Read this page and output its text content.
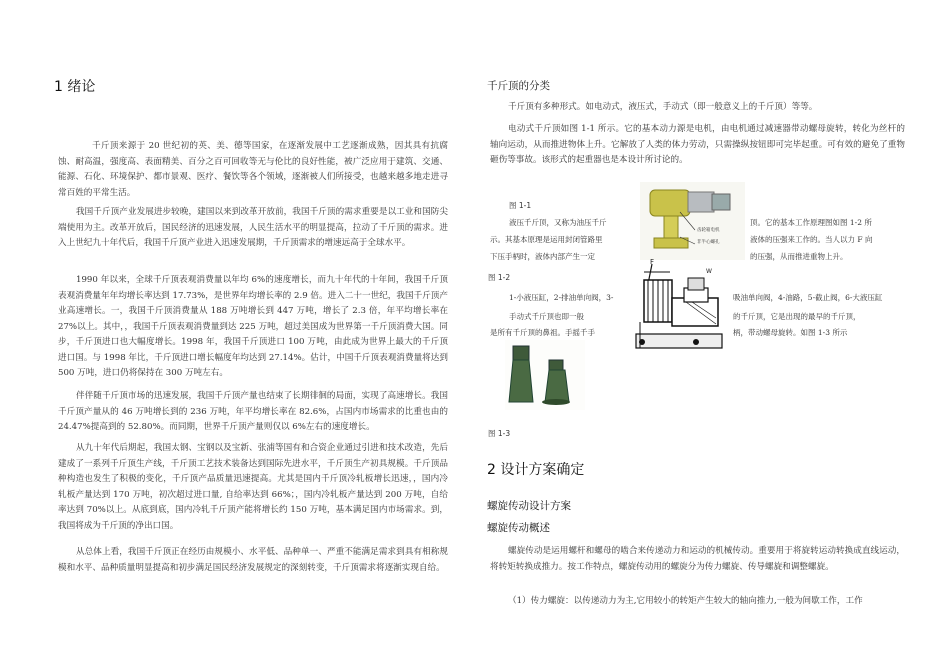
1 绪论

千斤顶来源于 20 世纪初的英、美、德等国家，在逐渐发展中工艺逐渐成熟，因其具有抗腐蚀、耐高温，强度高、表面精美、百分之百可回收等无与伦比的良好性能，被广泛应用于建筑、交通、能源、石化、环境保护、都市景观、医疗、餐饮等各个领域，逐渐被人们所接受，也越来越多地走进寻常百姓的平常生活。

我国千斤顶产业发展进步较晚，建国以来到改革开放前，我国千斤顶的需求重要是以工业和国防尖端使用为主。改革开放后，国民经济的迅速发展，人民生活水平的明显提高，拉动了千斤顶的需求。进入上世纪九十年代后，我国千斤顶产业进入迅速发展期，千斤顶需求的增速远高于全球水平。

1990 年以来，全球千斤顶表观消费量以年均 6%的速度增长，而九十年代的十年间，我国千斤顶表观消费量年年均增长率达到 17.73%，是世界年均增长率的 2.9 倍。进入二十一世纪，我国千斤顶产业高速增长。一，我国千斤顶消费量从 188 万吨增长到 447 万吨，增长了 2.3 倍，年平均增长率在 27%以上。其中，，我国千斤顶表观消费量到达 225 万吨，超过美国成为世界第一千斤顶消费大国。同步，千斤顶进口也大幅度增长。1998 年，我国千斤顶进口 100 万吨，由此成为世界上最大的千斤顶进口国。与 1998 年比，千斤顶进口增长幅度年均达到 27.14%。估计，中国千斤顶表观消费量将达到 500 万吨，进口仍将保持在 300 万吨左右。

伴伴随千斤顶市场的迅速发展，我国千斤顶产量也结束了长期徘徊的局面，实现了高速增长。我国千斤顶产量从的 46 万吨增长到的 236 万吨，年平均增长率在 82.6%，占国内市场需求的比重也由的 24.47%提高到的 52.80%。而同期，世界千斤顶产量则仅以 6%左右的速度增长。

从九十年代后期起，我国太钢、宝钢以及宝新、张浦等国有和合资企业通过引进和技术改造，先后建成了一系列千斤顶生产线，千斤顶工艺技术装备达到国际先进水平，千斤顶生产初具规模。千斤顶品种构造也发生了积极的变化，千斤顶产品质量迅速提高。尤其是国内千斤顶冷轧板增长迅速，，国内冷轧板产量达到 170 万吨，初次超过进口量, 自给率达到 66%；，国内冷轧板产量达到 200 万吨，自给率达到 70%以上。从底到底，国内冷轧千斤顶产能将增长约 150 万吨，基本满足国内市场需求。到，我国将成为千斤顶的净出口国。

从总体上看，我国千斤顶正在经历由规模小、水平低、品种单一、严重不能满足需求到具有相称规模和水平、品种质量明显提高和初步满足国民经济发展规定的深刻转变，千斤顶需求将逐渐实现自给。

千斤顶的分类

千斤顶有多种形式。如电动式，液压式，手动式（即一般意义上的千斤顶）等等。

电动式千斤顶如图 1-1 所示。它的基本动力源是电机，由电机通过减速器带动螺母旋转，转化为丝杆的轴向运动，从而推进物体上升。它解放了人类的体力劳动，只需操纵按钮即可完毕起重。可有效的避免了重物砸伤等事故。该形式的起重器也是本设计所讨论的。

图 1-1
齿轮箱电机
非半心螺孔
液压千斤顶，又称为油压千斤
示。其基本原理是运用封闭管路里
下压手柄时，液体内部产生一定
顶。它的基本工作原理图如图 1-2 所
液体的压强来工作的。当人以力 F 向
的压强，从而推进重物上升。
图 1-2
1-小液压缸，2-排油单向阀，3-	吸油单向阀，4-油路，5-截止阀，6-大液压缸
F
W
手动式千斤顶也即一般
是所有千斤顶的鼻祖。手摇千手
的千斤顶，它是出现的最早的千斤顶，
柄，带动螺母旋转。如图 1-3 所示
图 1-3
2 设计方案确定
螺旋传动设计方案
螺旋传动概述

螺旋传动是运用螺杆和螺母的啮合来传递动力和运动的机械传动。重要用于将旋转运动转换成直线运动，将转矩转换成推力。按工作特点，螺旋传动用的螺旋分为传力螺旋、传导螺旋和调整螺旋。

（1）传力螺旋：以传递动力为主,它用较小的转矩产生较大的轴向推力,一般为间歇工作，工作
